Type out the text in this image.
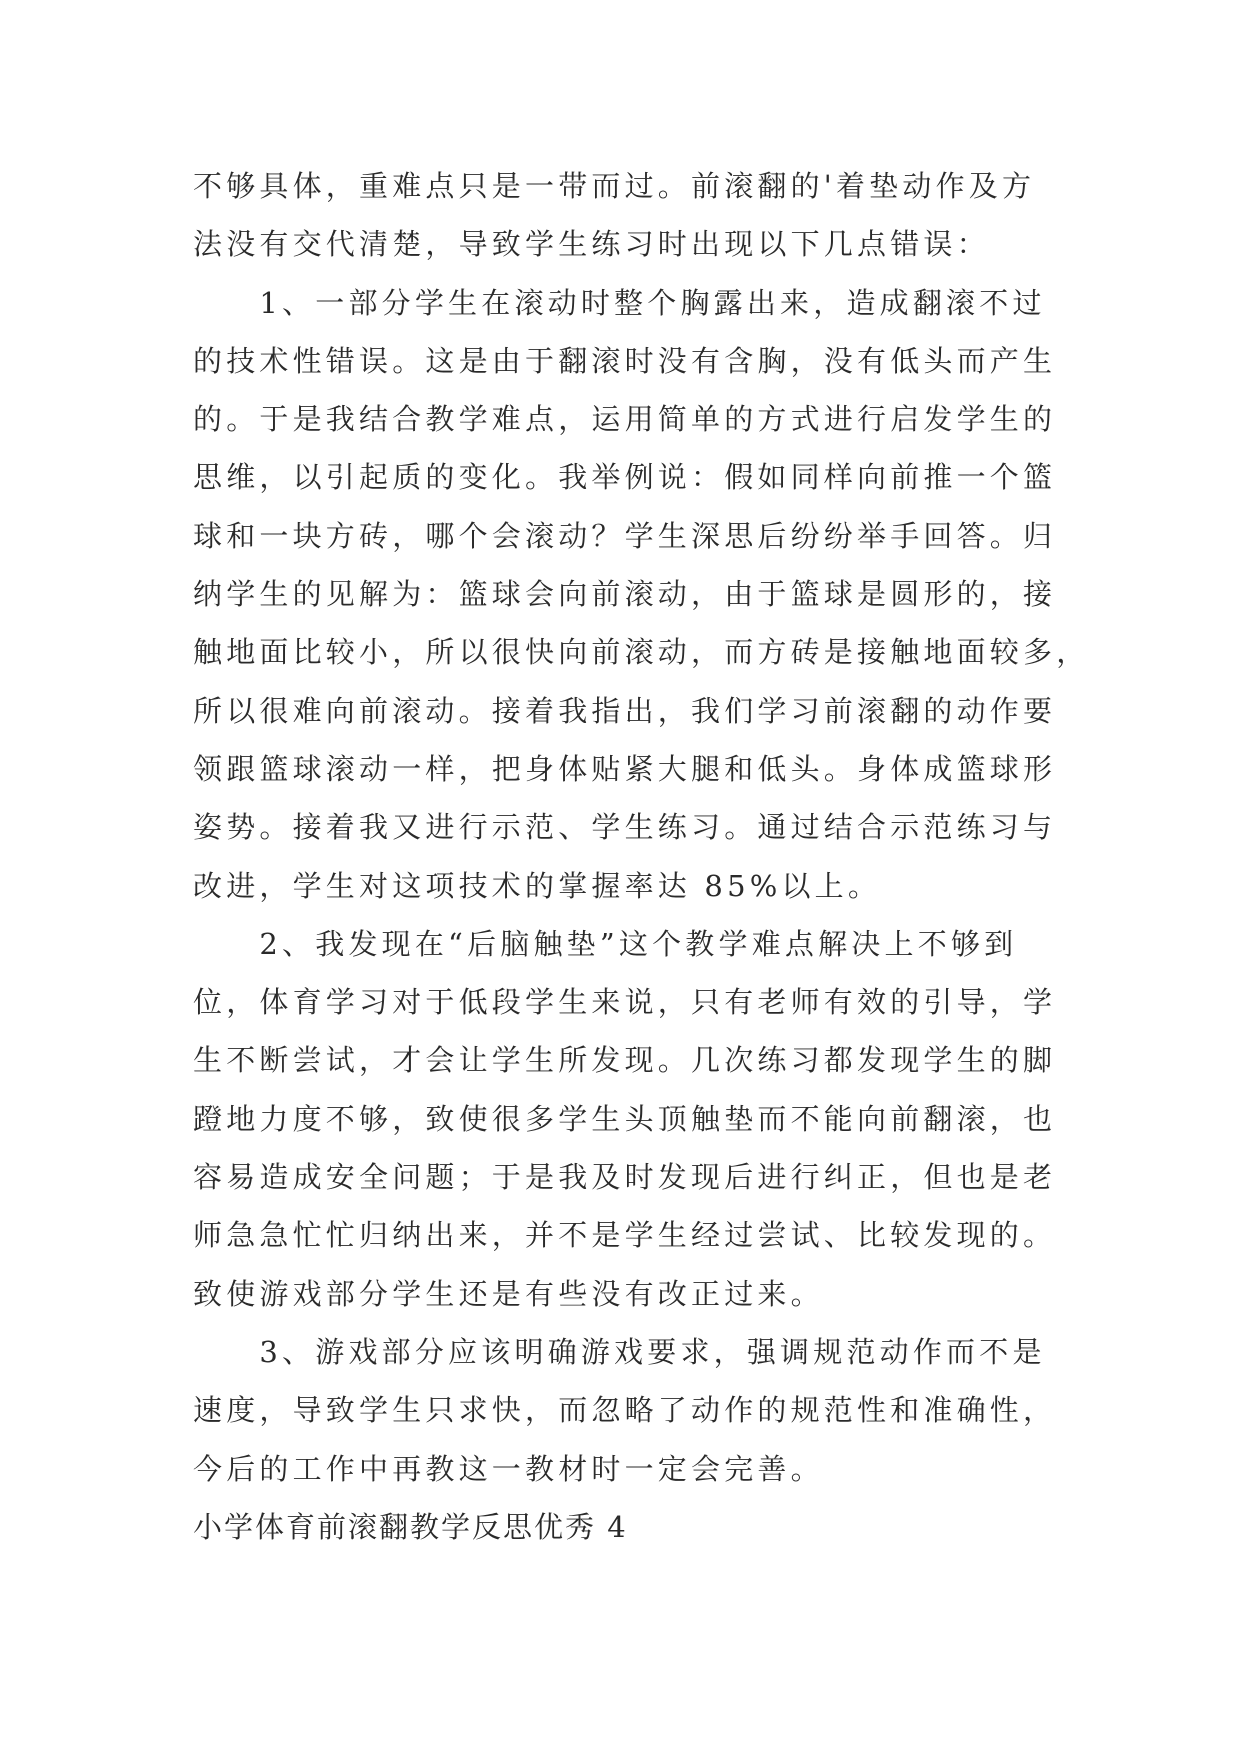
不够具体，重难点只是一带而过。前滚翻的'着垫动作及方
法没有交代清楚，导致学生练习时出现以下几点错误：
　　1、一部分学生在滚动时整个胸露出来，造成翻滚不过
的技术性错误。这是由于翻滚时没有含胸，没有低头而产生
的。于是我结合教学难点，运用简单的方式进行启发学生的
思维，以引起质的变化。我举例说：假如同样向前推一个篮
球和一块方砖，哪个会滚动？学生深思后纷纷举手回答。归
纳学生的见解为：篮球会向前滚动，由于篮球是圆形的，接
触地面比较小，所以很快向前滚动，而方砖是接触地面较多，
所以很难向前滚动。接着我指出，我们学习前滚翻的动作要
领跟篮球滚动一样，把身体贴紧大腿和低头。身体成篮球形
姿势。接着我又进行示范、学生练习。通过结合示范练习与
改进，学生对这项技术的掌握率达 85%以上。
　　2、我发现在“后脑触垫”这个教学难点解决上不够到
位，体育学习对于低段学生来说，只有老师有效的引导，学
生不断尝试，才会让学生所发现。几次练习都发现学生的脚
蹬地力度不够，致使很多学生头顶触垫而不能向前翻滚，也
容易造成安全问题；于是我及时发现后进行纠正，但也是老
师急急忙忙归纳出来，并不是学生经过尝试、比较发现的。
致使游戏部分学生还是有些没有改正过来。
　　3、游戏部分应该明确游戏要求，强调规范动作而不是
速度，导致学生只求快，而忽略了动作的规范性和准确性，
今后的工作中再教这一教材时一定会完善。
小学体育前滚翻教学反思优秀 4
